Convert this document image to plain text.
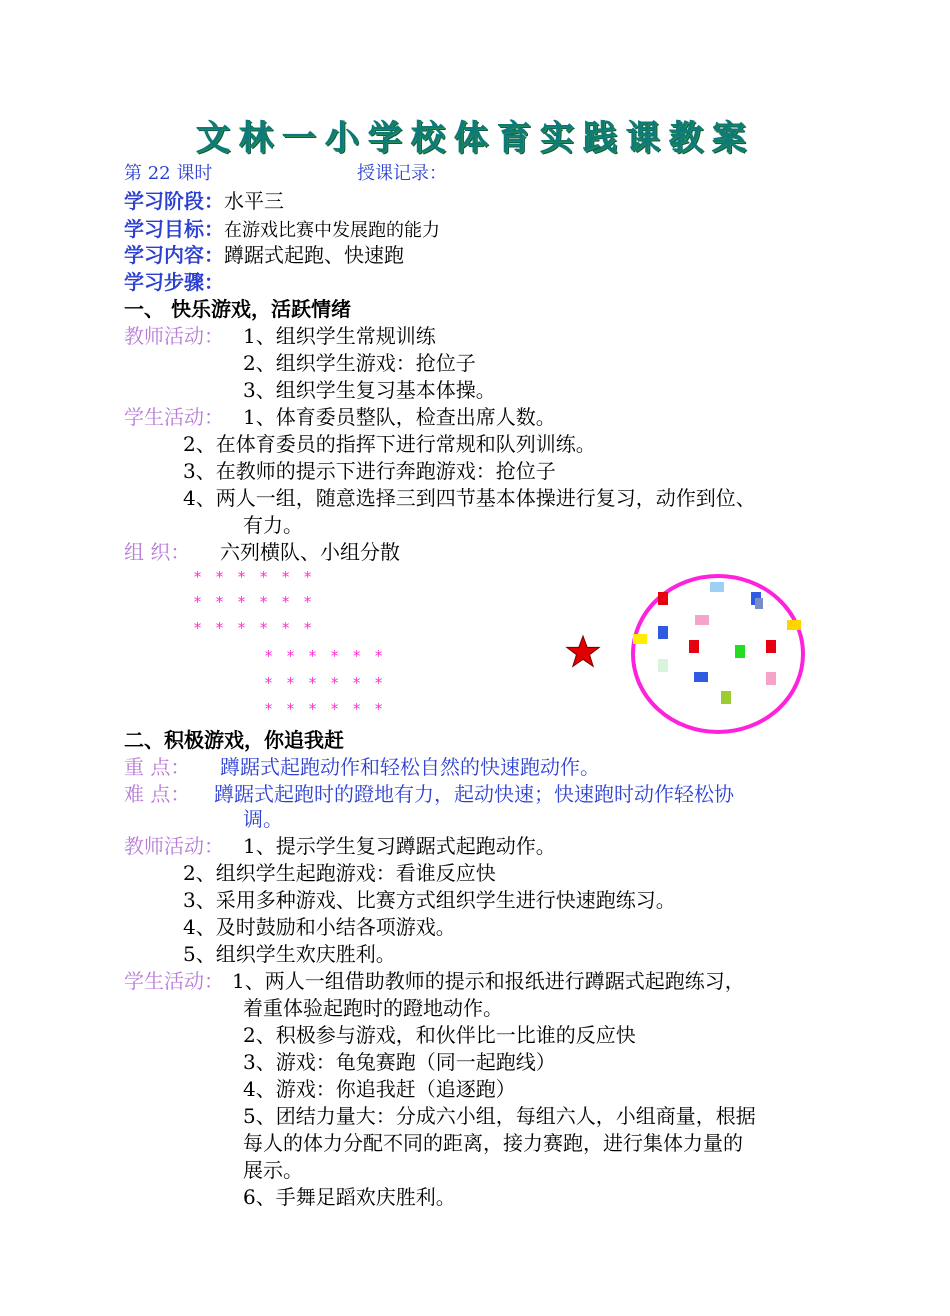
文林一小学校体育实践课教案
第 22 课时	授课记录：
学习阶段：水平三
学习目标：在游戏比赛中发展跑的能力
学习内容：蹲踞式起跑、快速跑
学习步骤：
一、 快乐游戏，活跃情绪
教师活动： 1、组织学生常规训练
2、组织学生游戏：抢位子
3、组织学生复习基本体操。
学生活动： 1、体育委员整队，检查出席人数。
2、在体育委员的指挥下进行常规和队列训练。
3、在教师的提示下进行奔跑游戏：抢位子
4、两人一组，随意选择三到四节基本体操进行复习，动作到位、
有力。
组 织： 六列横队、小组分散
******
******
******
******
******
******
二、积极游戏，你追我赶
重 点： 蹲踞式起跑动作和轻松自然的快速跑动作。
难 点： 蹲踞式起跑时的蹬地有力，起动快速；快速跑时动作轻松协
调。
教师活动： 1、提示学生复习蹲踞式起跑动作。
2、组织学生起跑游戏：看谁反应快
3、采用多种游戏、比赛方式组织学生进行快速跑练习。
4、及时鼓励和小结各项游戏。
5、组织学生欢庆胜利。
学生活动： 1、两人一组借助教师的提示和报纸进行蹲踞式起跑练习，
着重体验起跑时的蹬地动作。
2、积极参与游戏，和伙伴比一比谁的反应快
3、游戏：龟兔赛跑（同一起跑线）
4、游戏：你追我赶（追逐跑）
5、团结力量大：分成六小组，每组六人，小组商量，根据
每人的体力分配不同的距离，接力赛跑，进行集体力量的
展示。
6、手舞足蹈欢庆胜利。
